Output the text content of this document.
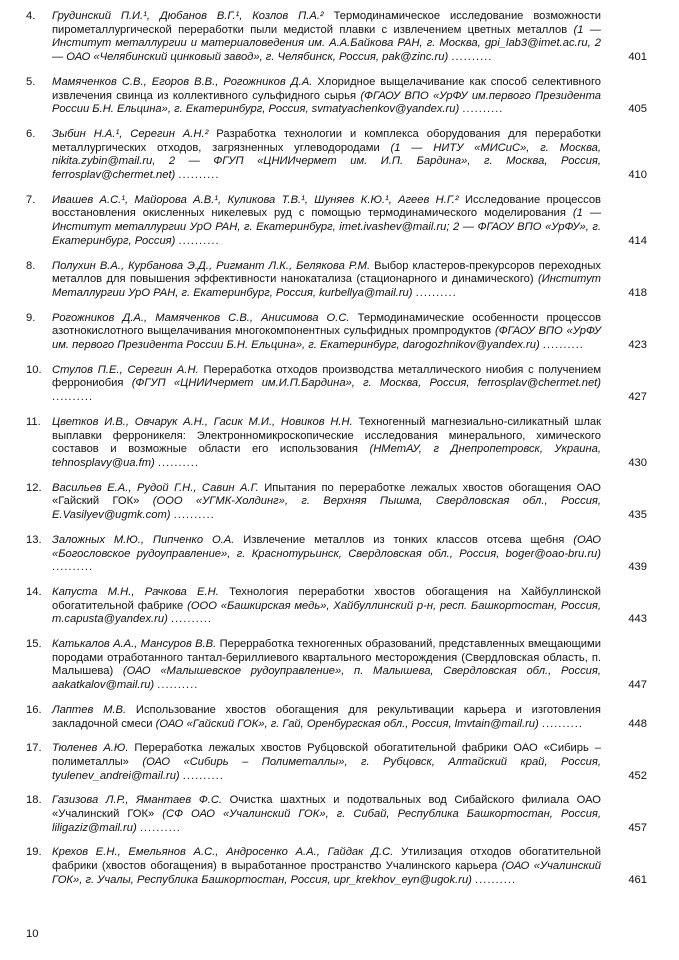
4.	Грудинский П.И.¹, Дюбанов В.Г.¹, Козлов П.А.² Термодинамическое исследование возможности пирометаллургической переработки пыли медистой плавки с извлечением цветных металлов (1 — Институт металлургии и материаловедения им. А.А.Байкова РАН, г. Москва, gpi_lab3@imet.ac.ru, 2 — ОАО «Челябинский цинковый завод», г. Челябинск, Россия, pak@zinc.ru) ..........	401
5.	Мамяченков С.В., Егоров В.В., Рогожников Д.А. Хлоридное выщелачивание как способ селективного извлечения свинца из коллективного сульфидного сырья (ФГАОУ ВПО «УрФУ им.первого Президента России Б.Н. Ельцина», г. Екатеринбург, Россия, svmatyachenkov@yandex.ru) ..........	405
6.	Зыбин Н.А.¹, Серегин А.Н.² Разработка технологии и комплекса оборудования для переработки металлургических отходов, загрязненных углеводородами (1 — НИТУ «МИСиС», г. Москва, nikita.zybin@mail.ru, 2 — ФГУП «ЦНИИчермет им. И.П. Бардина», г. Москва, Россия, ferrosplav@chermet.net) ..........	410
7.	Ивашев А.С.¹, Майорова А.В.¹, Куликова Т.В.¹, Шуняев К.Ю.¹, Агеев Н.Г.² Исследование процессов восстановления окисленных никелевых руд с помощью термодинамического моделирования (1 — Институт металлургии УрО РАН, г. Екатеринбург, imet.ivashev@mail.ru; 2 — ФГАОУ ВПО «УрФУ», г. Екатеринбург, Россия) ..........	414
8.	Полухин В.А., Курбанова Э.Д., Ригмант Л.К., Белякова Р.М. Выбор кластеров-прекурсоров переходных металлов для повышения эффективности нанокатализа (стационарного и динамического) (Институт Металлургии УрО РАН, г. Екатеринбург, Россия, kurbellya@mail.ru) ..........	418
9.	Рогожников Д.А., Мамяченков С.В., Анисимова О.С. Термодинамические особенности процессов азотнокислотного выщелачивания многокомпонентных сульфидных промпродуктов (ФГАОУ ВПО «УрФУ им. первого Президента России Б.Н. Ельцина», г. Екатеринбург, darogozhnikov@yandex.ru) ..........	423
10. Стулов П.Е., Серегин А.Н. Переработка отходов производства металлического ниобия с получением феррониобия (ФГУП «ЦНИИчермет им.И.П.Бардина», г. Москва, Россия, ferrosplav@chermet.net) ..........	427
11.	Цветков И.В., Овчарук А.Н., Гасик М.И., Новиков Н.Н. Техногенный магнезиально-силикатный шлак выплавки ферроникеля: Электронномикроскопические исследования минерального, химического составов и возможные области его использования (НМетАУ, г Днепропетровск, Украина, tehnosplavy@ua.fm) ..........	430
12. Васильев Е.А., Рудой Г.Н., Савин А.Г. Ипытания по переработке лежалых хвостов обогащения ОАО «Гайский ГОК» (ООО «УГМК-Холдинг», г. Верхняя Пышма, Свердловская обл., Россия, E.Vasilyev@ugmk.com) ..........	435
13. Заложных М.Ю., Пипченко О.А. Извлечение металлов из тонких классов отсева щебня (ОАО «Богословское рудоуправление», г. Краснотурьинск, Свердловская обл., Россия, boger@oao-bru.ru) ..........	439
14. Капуста М.Н., Рачкова Е.Н. Технология переработки хвостов обогащения на Хайбуллинской обогатительной фабрике (ООО «Башкирская медь», Хайбуллинский р-н, респ. Башкортостан, Россия, m.capusta@yandex.ru) ..........	443
15. Катькалов А.А., Мансуров В.В. Перерработка техногенных образований, представленных вмещающими породами отработанного тантал-бериллиевого квартального месторождения (Свердловская область, п. Малышева) (ОАО «Малышевское рудоуправление», п. Малышева, Свердловская обл., Россия, aakatkalov@mail.ru) ..........	447
16. Лаптев М.В. Использование хвостов обогащения для рекультивации карьера и изготовления закладочной смеси (ОАО «Гайский ГОК», г. Гай, Оренбургская обл., Россия, lmvtain@mail.ru) ..........	448
17. Тюленев А.Ю. Переработка лежалых хвостов Рубцовской обогатительной фабрики ОАО «Сибирь – полиметаллы» (ОАО «Сибирь – Полиметаллы», г. Рубцовск, Алтайский край, Россия, tyulenev_andrei@mail.ru) ..........	452
18. Газизова Л.Р., Ямантаев Ф.С. Очистка шахтных и подотвальных вод Сибайского филиала ОАО «Учалинский ГОК» (СФ ОАО «Учалинский ГОК», г. Сибай, Республика Башкортостан, Россия, liligaziz@mail.ru) ..........	457
19. Крехов Е.Н., Емельянов А.С., Андросенко А.А., Гайдак Д.С. Утилизация отходов обогатительной фабрики (хвостов обогащения) в выработанное пространство Учалинского карьера (ОАО «Учалинский ГОК», г. Учалы, Республика Башкортостан, Россия, upr_krekhov_eyn@ugok.ru) ..........	461
10
